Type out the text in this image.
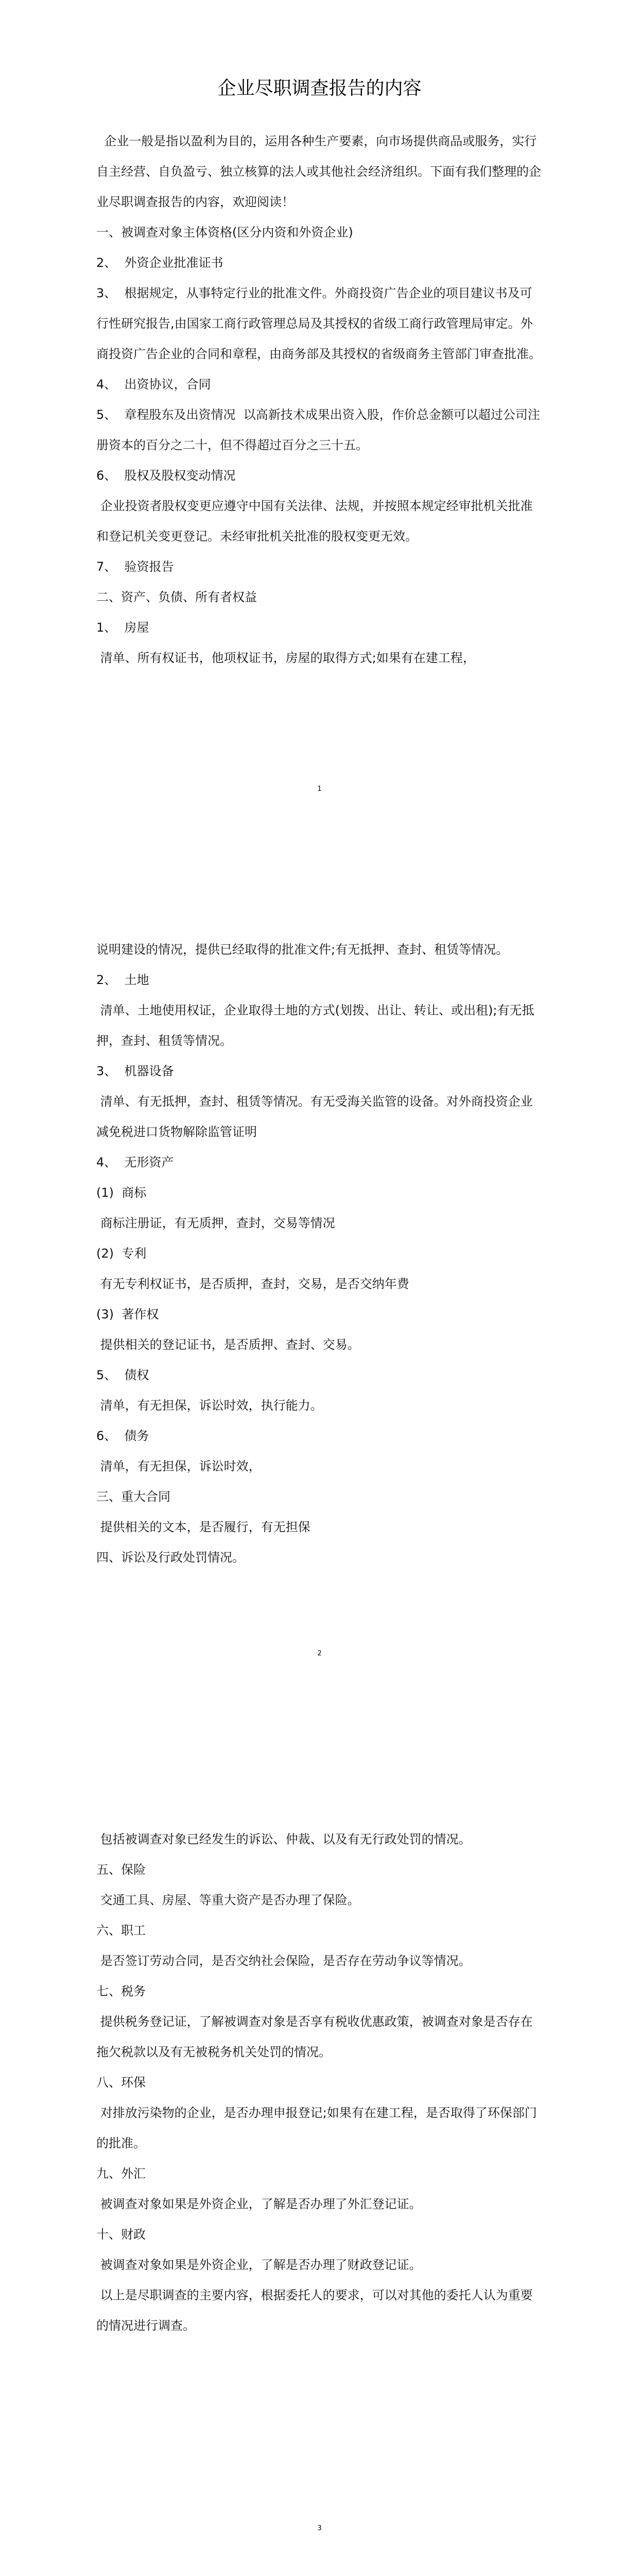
企业尽职调查报告的内容

企业一般是指以盈利为目的，运用各种生产要素，向市场提供商品或服务，实行自主经营、自负盈亏、独立核算的法人或其他社会经济组织。下面有我们整理的企业尽职调查报告的内容，欢迎阅读！

一、被调查对象主体资格(区分内资和外资企业)

2、  外资企业批准证书

3、  根据规定，从事特定行业的批准文件。外商投资广告企业的项目建议书及可行性研究报告,由国家工商行政管理总局及其授权的省级工商行政管理局审定。外商投资广告企业的合同和章程，由商务部及其授权的省级商务主管部门审查批准。

4、  出资协议，合同

5、  章程股东及出资情况  以高新技术成果出资入股，作价总金额可以超过公司注册资本的百分之二十，但不得超过百分之三十五。

6、  股权及股权变动情况

企业投资者股权变更应遵守中国有关法律、法规，并按照本规定经审批机关批准和登记机关变更登记。未经审批机关批准的股权变更无效。

7、  验资报告

二、资产、负债、所有者权益

1、  房屋

清单、所有权证书，他项权证书，房屋的取得方式;如果有在建工程，

1

说明建设的情况，提供已经取得的批准文件;有无抵押、查封、租赁等情况。

2、  土地

清单、土地使用权证，企业取得土地的方式(划拨、出让、转让、或出租);有无抵押，查封、租赁等情况。

3、  机器设备

清单、有无抵押，查封、租赁等情况。有无受海关监管的设备。对外商投资企业减免税进口货物解除监管证明

4、  无形资产

(1)  商标

商标注册证，有无质押，查封，交易等情况

(2)  专利

有无专利权证书，是否质押，查封，交易，是否交纳年费

(3)  著作权

提供相关的登记证书，是否质押、查封、交易。

5、  债权

清单，有无担保，诉讼时效，执行能力。

6、  债务

清单，有无担保，诉讼时效，

三、重大合同

提供相关的文本，是否履行，有无担保

四、诉讼及行政处罚情况。

2

包括被调查对象已经发生的诉讼、仲裁、以及有无行政处罚的情况。

五、保险

交通工具、房屋、等重大资产是否办理了保险。

六、职工

是否签订劳动合同，是否交纳社会保险，是否存在劳动争议等情况。

七、税务

提供税务登记证，了解被调查对象是否享有税收优惠政策，被调查对象是否存在拖欠税款以及有无被税务机关处罚的情况。

八、环保

对排放污染物的企业，是否办理申报登记;如果有在建工程，是否取得了环保部门的批准。

九、外汇

被调查对象如果是外资企业，了解是否办理了外汇登记证。

十、财政

被调查对象如果是外资企业，了解是否办理了财政登记证。

以上是尽职调查的主要内容，根据委托人的要求，可以对其他的委托人认为重要的情况进行调查。

3
